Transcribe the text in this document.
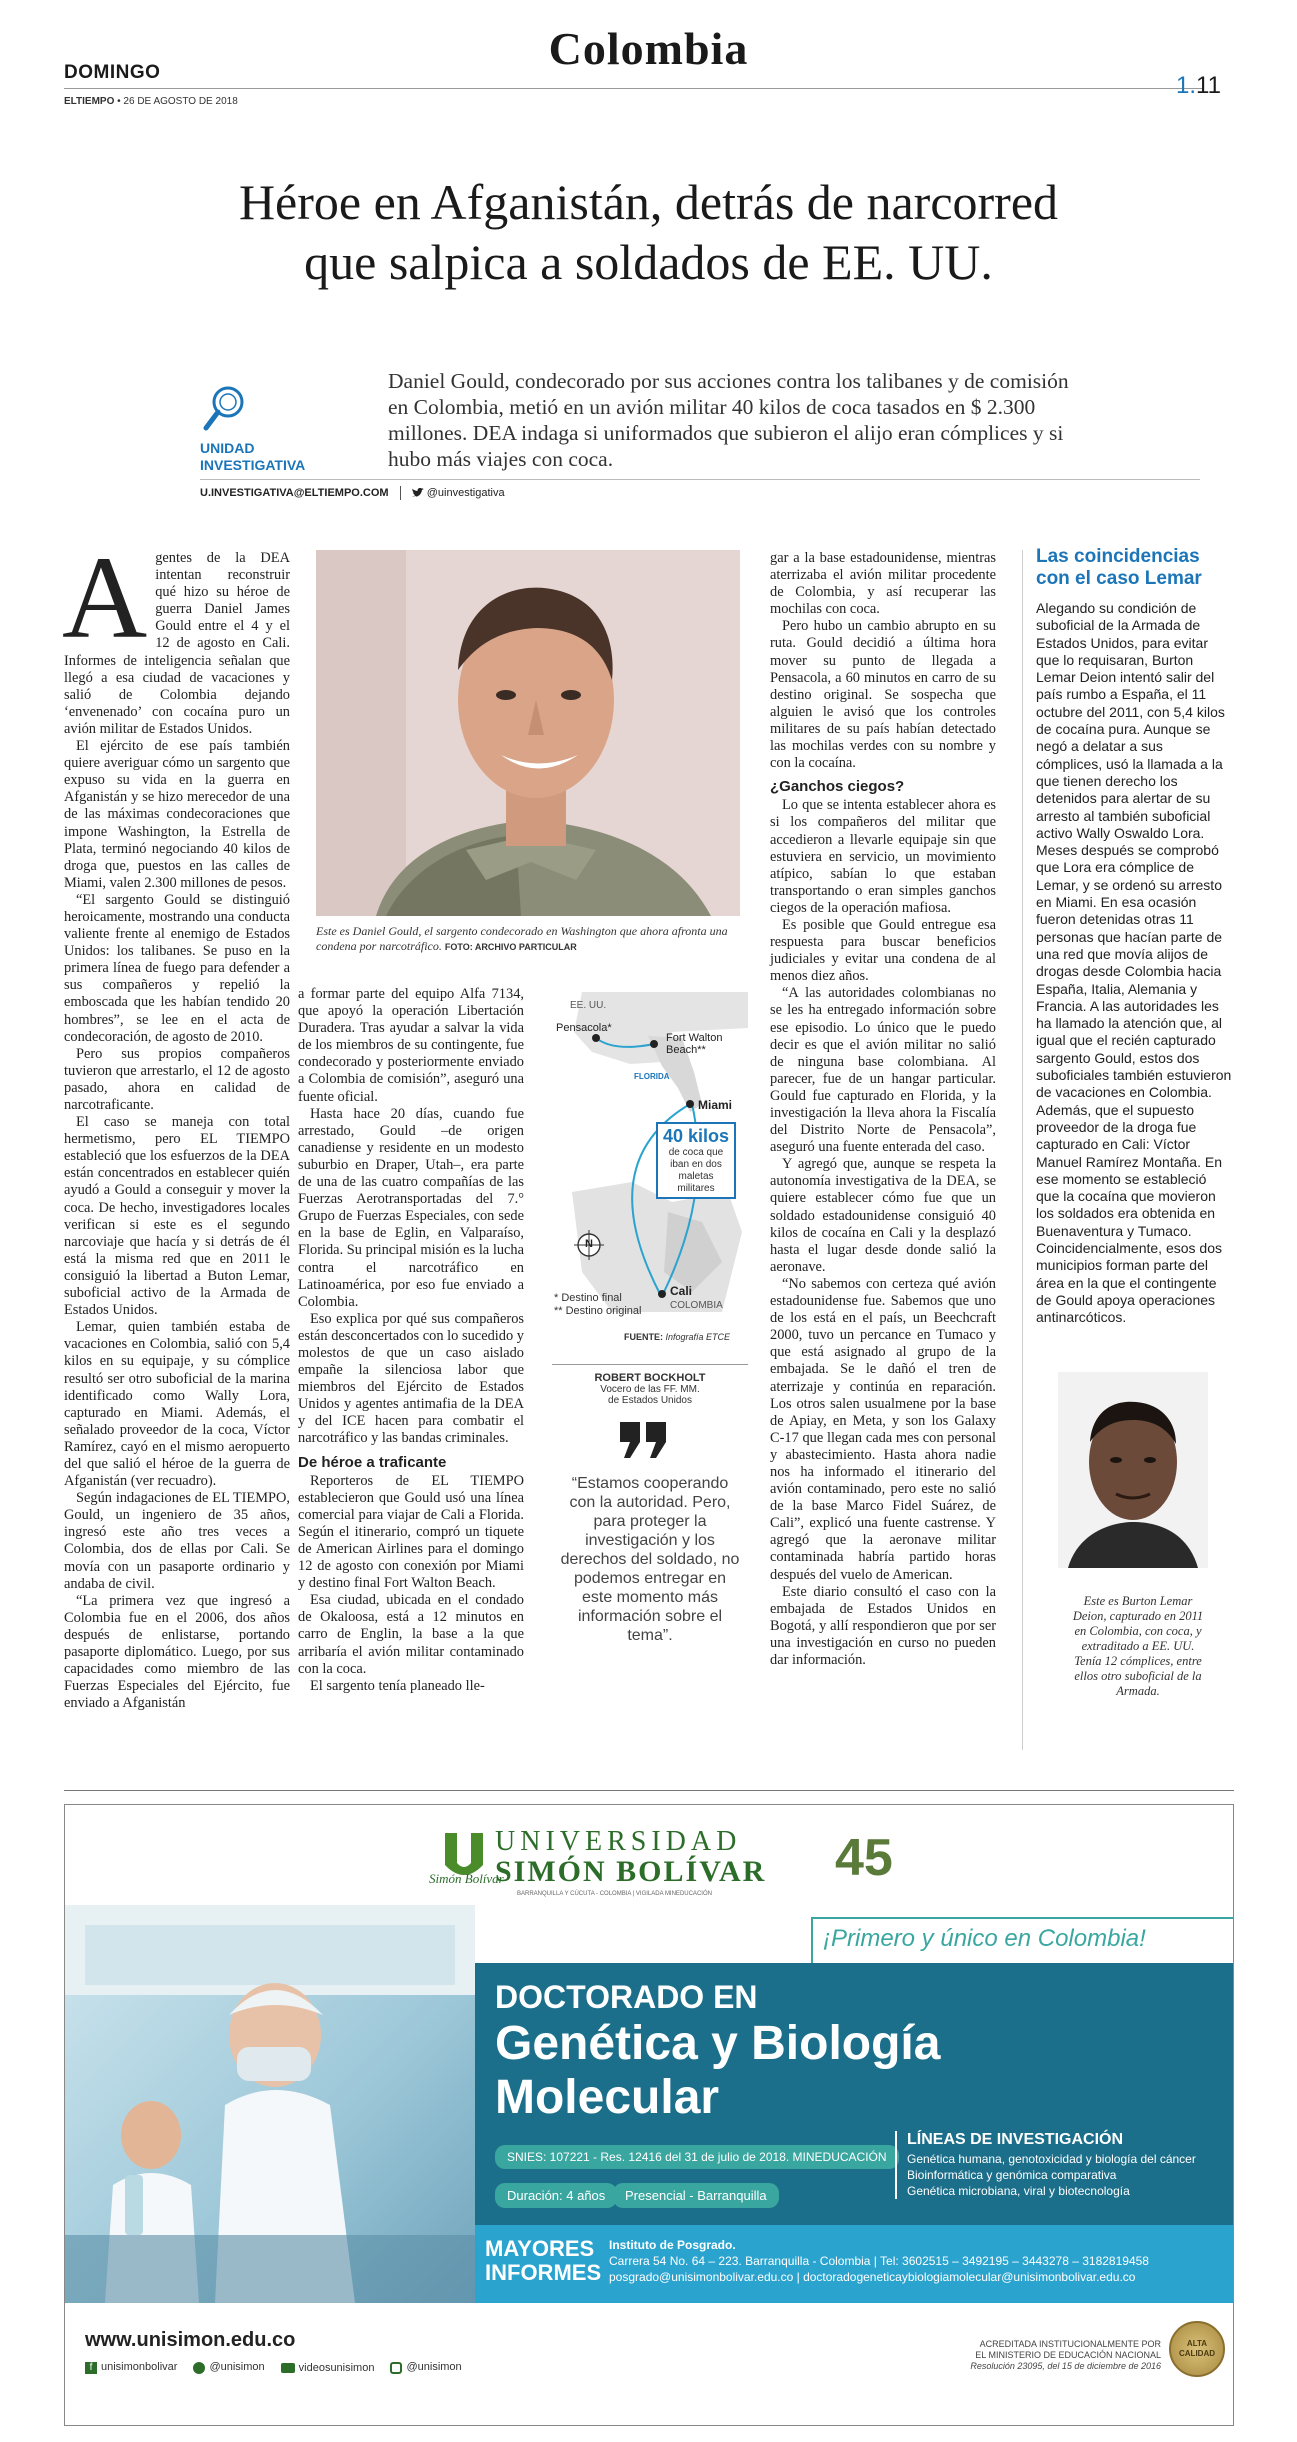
DOMINGO
ELTIEMPO • 26 DE AGOSTO DE 2018
Colombia
1.11
Héroe en Afganistán, detrás de narcorred
que salpica a soldados de EE. UU.
UNIDAD
INVESTIGATIVA
U.INVESTIGATIVA@ELTIEMPO.COM	@uinvestigativa
Daniel Gould, condecorado por sus acciones contra los talibanes y de comisión en Colombia, metió en un avión militar 40 kilos de coca tasados en $ 2.300 millones. DEA indaga si uniformados que subieron el alijo eran cómplices y si hubo más viajes con coca.
A gentes de la DEA intentan reconstruir qué hizo su héroe de guerra Daniel James Gould entre el 4 y el 12 de agosto en Cali. Informes de inteligencia señalan que llegó a esa ciudad de vacaciones y salió de Colombia dejando ‘envenenado’ con cocaína puro un avión militar de Estados Unidos.

El ejército de ese país también quiere averiguar cómo un sargento que expuso su vida en la guerra en Afganistán y se hizo merecedor de una de las máximas condecoraciones que impone Washington, la Estrella de Plata, terminó negociando 40 kilos de droga que, puestos en las calles de Miami, valen 2.300 millones de pesos.

“El sargento Gould se distinguió heroicamente, mostrando una conducta valiente frente al enemigo de Estados Unidos: los talibanes. Se puso en la primera línea de fuego para defender a sus compañeros y repelió la emboscada que les habían tendido 20 hombres”, se lee en el acta de condecoración, de agosto de 2010.

Pero sus propios compañeros tuvieron que arrestarlo, el 12 de agosto pasado, ahora en calidad de narcotraficante.

El caso se maneja con total hermetismo, pero EL TIEMPO estableció que los esfuerzos de la DEA están concentrados en establecer quién ayudó a Gould a conseguir y mover la coca. De hecho, investigadores locales verifican si este es el segundo narcoviaje que hacía y si detrás de él está la misma red que en 2011 le consiguió la libertad a Buton Lemar, suboficial activo de la Armada de Estados Unidos.

Lemar, quien también estaba de vacaciones en Colombia, salió con 5,4 kilos en su equipaje, y su cómplice resultó ser otro suboficial de la marina identificado como Wally Lora, capturado en Miami. Además, el señalado proveedor de la coca, Víctor Ramírez, cayó en el mismo aeropuerto del que salió el héroe de la guerra de Afganistán (ver recuadro).

Según indagaciones de EL TIEMPO, Gould, un ingeniero de 35 años, ingresó este año tres veces a Colombia, dos de ellas por Cali. Se movía con un pasaporte ordinario y andaba de civil.

“La primera vez que ingresó a Colombia fue en el 2006, dos años después de enlistarse, portando pasaporte diplomático. Luego, por sus capacidades como miembro de las Fuerzas Especiales del Ejército, fue enviado a Afganistán

Este es Daniel Gould, el sargento condecorado en Washington que ahora afronta una condena por narcotráfico. FOTO: ARCHIVO PARTICULAR

a formar parte del equipo Alfa 7134, que apoyó la operación Libertación Duradera. Tras ayudar a salvar la vida de los miembros de su contingente, fue condecorado y posteriormente enviado a Colombia de comisión”, aseguró una fuente oficial.

Hasta hace 20 días, cuando fue arrestado, Gould –de origen canadiense y residente en un modesto suburbio en Draper, Utah–, era parte de una de las cuatro compañías de las Fuerzas Aerotransportadas del 7.° Grupo de Fuerzas Especiales, con sede en la base de Eglin, en Valparaíso, Florida. Su principal misión es la lucha contra el narcotráfico en Latinoamérica, por eso fue enviado a Colombia.

Eso explica por qué sus compañeros están desconcertados con lo sucedido y molestos de que un caso aislado empañe la silenciosa labor que miembros del Ejército de Estados Unidos y agentes antimafia de la DEA y del ICE hacen para combatir el narcotráfico y las bandas criminales.

De héroe a traficante

Reporteros de EL TIEMPO establecieron que Gould usó una línea comercial para viajar de Cali a Florida. Según el itinerario, compró un tiquete de American Airlines para el domingo 12 de agosto con conexión por Miami y destino final Fort Walton Beach.

Esa ciudad, ubicada en el condado de Okaloosa, está a 12 minutos en carro de Englin, la base a la que arribaría el avión militar contaminado con la coca.

El sargento tenía planeado lle-

EE. UU.
Pensacola*
Fort Walton
Beach**
FLORIDA
Miami
40 kilos
de coca que
iban en dos
maletas
militares
N
Cali
COLOMBIA
* Destino final
** Destino original
FUENTE: Infografía ETCE
ROBERT BOCKHOLT
Vocero de las FF. MM.
de Estados Unidos
“Estamos cooperando con la autoridad. Pero, para proteger la investigación y los derechos del soldado, no podemos entregar en este momento más información sobre el tema”.

gar a la base estadounidense, mientras aterrizaba el avión militar procedente de Colombia, y así recuperar las mochilas con coca.

Pero hubo un cambio abrupto en su ruta. Gould decidió a última hora mover su punto de llegada a Pensacola, a 60 minutos en carro de su destino original. Se sospecha que alguien le avisó que los controles militares de su país habían detectado las mochilas verdes con su nombre y con la cocaína.

¿Ganchos ciegos?

Lo que se intenta establecer ahora es si los compañeros del militar que accedieron a llevarle equipaje sin que estuviera en servicio, un movimiento atípico, sabían lo que estaban transportando o eran simples ganchos ciegos de la operación mafiosa.

Es posible que Gould entregue esa respuesta para buscar beneficios judiciales y evitar una condena de al menos diez años.

“A las autoridades colombianas no se les ha entregado información sobre ese episodio. Lo único que le puedo decir es que el avión militar no salió de ninguna base colombiana. Al parecer, fue de un hangar particular. Gould fue capturado en Florida, y la investigación la lleva ahora la Fiscalía del Distrito Norte de Pensacola”, aseguró una fuente enterada del caso.

Y agregó que, aunque se respeta la autonomía investigativa de la DEA, se quiere establecer cómo fue que un soldado estadounidense consiguió 40 kilos de cocaína en Cali y la desplazó hasta el lugar desde donde salió la aeronave.

“No sabemos con certeza qué avión estadounidense fue. Sabemos que uno de los está en el país, un Beechcraft 2000, tuvo un percance en Tumaco y que está asignado al grupo de la embajada. Se le dañó el tren de aterrizaje y continúa en reparación. Los otros salen usualmene por la base de Apiay, en Meta, y son los Galaxy C-17 que llegan cada mes con personal y abastecimiento. Hasta ahora nadie nos ha informado el itinerario del avión contaminado, pero este no salió de la base Marco Fidel Suárez, de Cali”, explicó una fuente castrense. Y agregó que la aeronave militar contaminada habría partido horas después del vuelo de American.

Este diario consultó el caso con la embajada de Estados Unidos en Bogotá, y allí respondieron que por ser una investigación en curso no pueden dar información.

Las coincidencias
con el caso Lemar
Alegando su condición de suboficial de la Armada de Estados Unidos, para evitar que lo requisaran, Burton Lemar Deion intentó salir del país rumbo a España, el 11 octubre del 2011, con 5,4 kilos de cocaína pura. Aunque se negó a delatar a sus cómplices, usó la llamada a la que tienen derecho los detenidos para alertar de su arresto al también suboficial activo Wally Oswaldo Lora. Meses después se comprobó que Lora era cómplice de Lemar, y se ordenó su arresto en Miami. En esa ocasión fueron detenidas otras 11 personas que hacían parte de una red que movía alijos de drogas desde Colombia hacia España, Italia, Alemania y Francia. A las autoridades les ha llamado la atención que, al igual que el recién capturado sargento Gould, estos dos suboficiales también estuvieron de vacaciones en Colombia. Además, que el supuesto proveedor de la droga fue capturado en Cali: Víctor Manuel Ramírez Montaña. En ese momento se estableció que la cocaína que movieron los soldados era obtenida en Buenaventura y Tumaco. Coincidencialmente, esos dos municipios forman parte del área en la que el contingente de Gould apoya operaciones antinarcóticos.
Este es Burton Lemar Deion, capturado en 2011 en Colombia, con coca, y extraditado a EE. UU. Tenía 12 cómplices, entre ellos otro suboficial de la Armada.
UNIVERSIDAD
SIMÓN BOLÍVAR
Simón Bolívar
BARRANQUILLA Y CÚCUTA - COLOMBIA | VIGILADA MINEDUCACIÓN
45
¡Primero y único en Colombia!
DOCTORADO EN
Genética y Biología
Molecular
SNIES: 107221 - Res. 12416 del 31 de julio de 2018. MINEDUCACIÓN
Duración: 4 años	Presencial - Barranquilla
LÍNEAS DE INVESTIGACIÓN
Genética humana, genotoxicidad y biología del cáncer
Bioinformática y genómica comparativa
Genética microbiana, viral y biotecnología
MAYORES
INFORMES
Instituto de Posgrado.
Carrera 54 No. 64 – 223. Barranquilla - Colombia | Tel: 3602515 – 3492195 – 3443278 – 3182819458
posgrado@unisimonbolivar.edu.co | doctoradogeneticaybiologiamolecular@unisimonbolivar.edu.co
www.unisimon.edu.co
f unisimonbolivar	@unisimon	videosunisimon	@unisimon
ACREDITADA INSTITUCIONALMENTE POR
EL MINISTERIO DE EDUCACIÓN NACIONAL
Resolución 23095, del 15 de diciembre de 2016
ALTA CALIDAD
